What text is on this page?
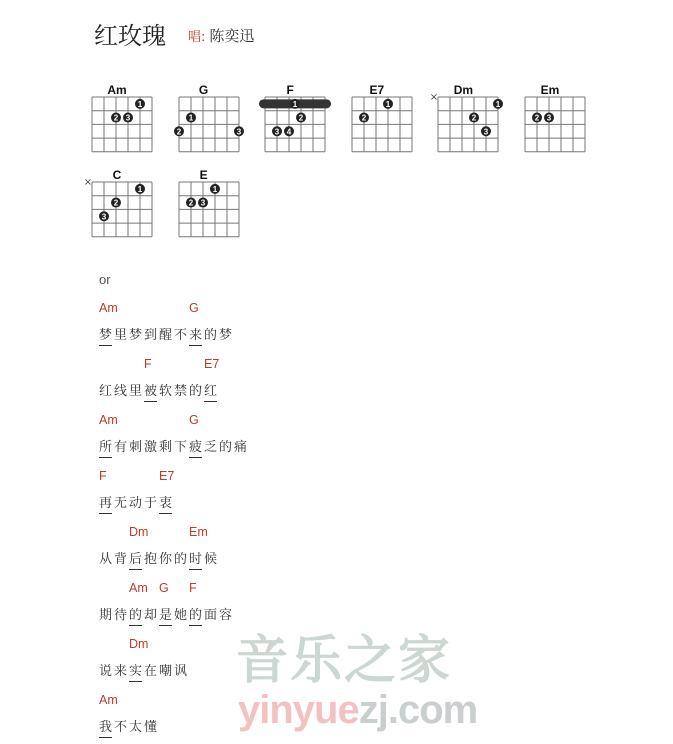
红玫瑰 唱: 陈奕迅
Am
1
2 3
G
1
2	3
F
1
2
3 4
E7
1
2
Dm
×
1
2
3
Em
2 3
C
×
1
2
3
E
1
2 3
or
Am	G
梦里梦到醒不来的梦
F	E7
红线里被软禁的红
Am	G
所有刺激剩下疲乏的痛
F	E7
再无动于衷
Dm	Em
从背后抱你的时候
Am G F
期待的却是她的面容
Dm
说来实在嘲讽
Am
我不太懂
音乐之家
yinyuezj.com
